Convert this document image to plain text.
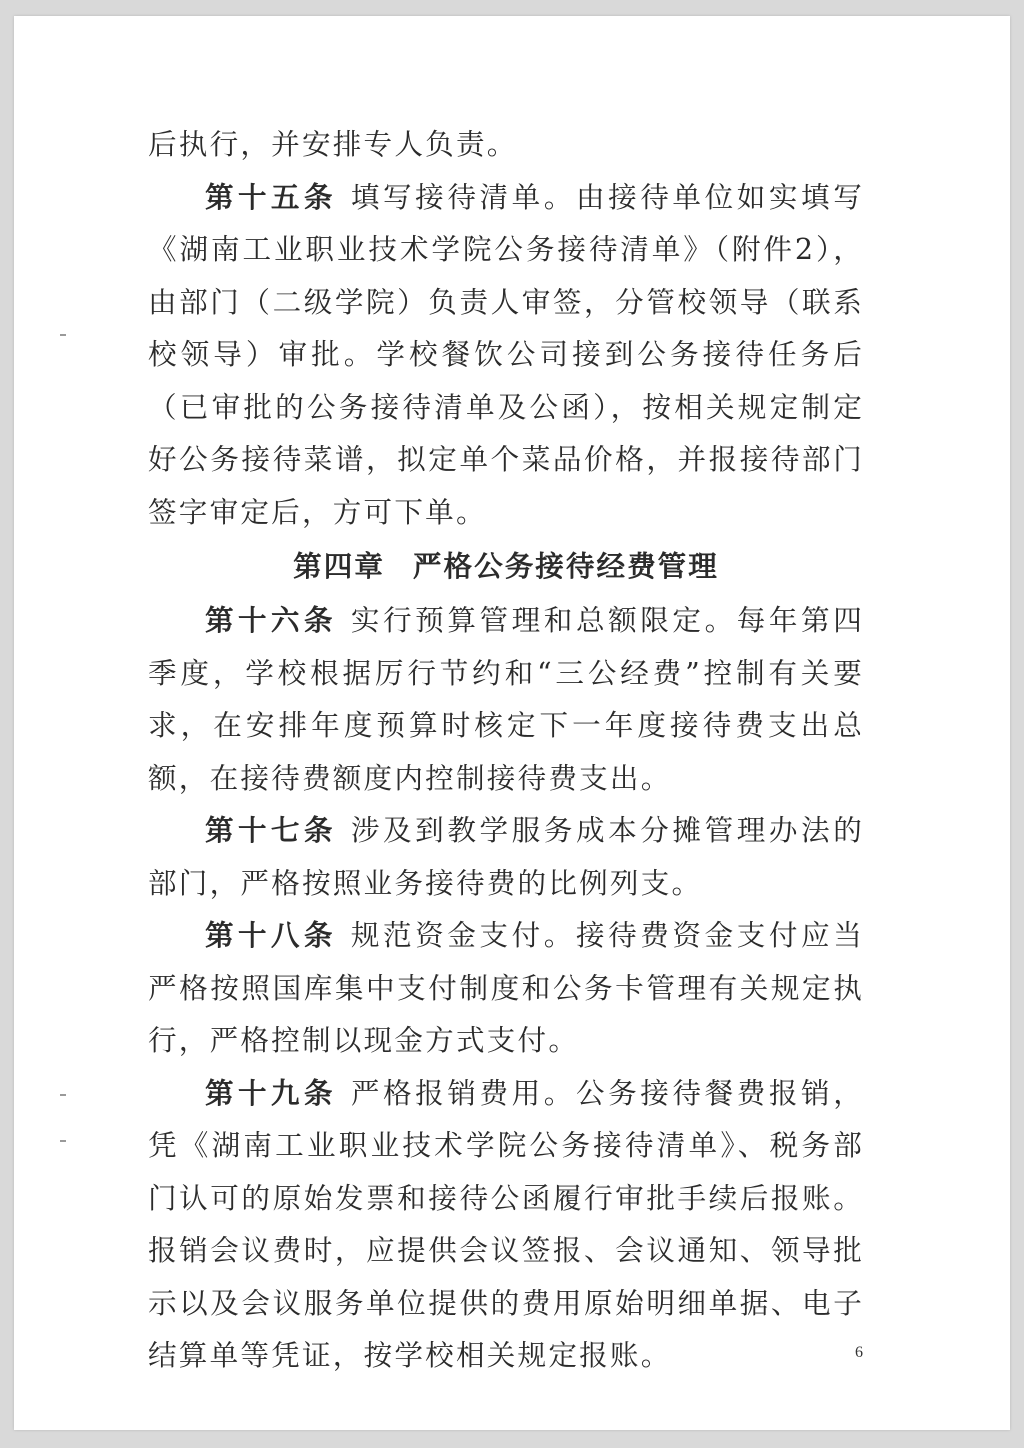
后执行，并安排专人负责。

第十五条 填写接待清单。由接待单位如实填写《湖南工业职业技术学院公务接待清单》（附件2），由部门（二级学院）负责人审签，分管校领导（联系校领导）审批。学校餐饮公司接到公务接待任务后（已审批的公务接待清单及公函），按相关规定制定好公务接待菜谱，拟定单个菜品价格，并报接待部门签字审定后，方可下单。

第四章 严格公务接待经费管理

第十六条 实行预算管理和总额限定。每年第四季度，学校根据厉行节约和“三公经费”控制有关要求，在安排年度预算时核定下一年度接待费支出总额，在接待费额度内控制接待费支出。

第十七条 涉及到教学服务成本分摊管理办法的部门，严格按照业务接待费的比例列支。

第十八条 规范资金支付。接待费资金支付应当严格按照国库集中支付制度和公务卡管理有关规定执行，严格控制以现金方式支付。

第十九条 严格报销费用。公务接待餐费报销，凭《湖南工业职业技术学院公务接待清单》、税务部门认可的原始发票和接待公函履行审批手续后报账。报销会议费时，应提供会议签报、会议通知、领导批示以及会议服务单位提供的费用原始明细单据、电子结算单等凭证，按学校相关规定报账。	6
